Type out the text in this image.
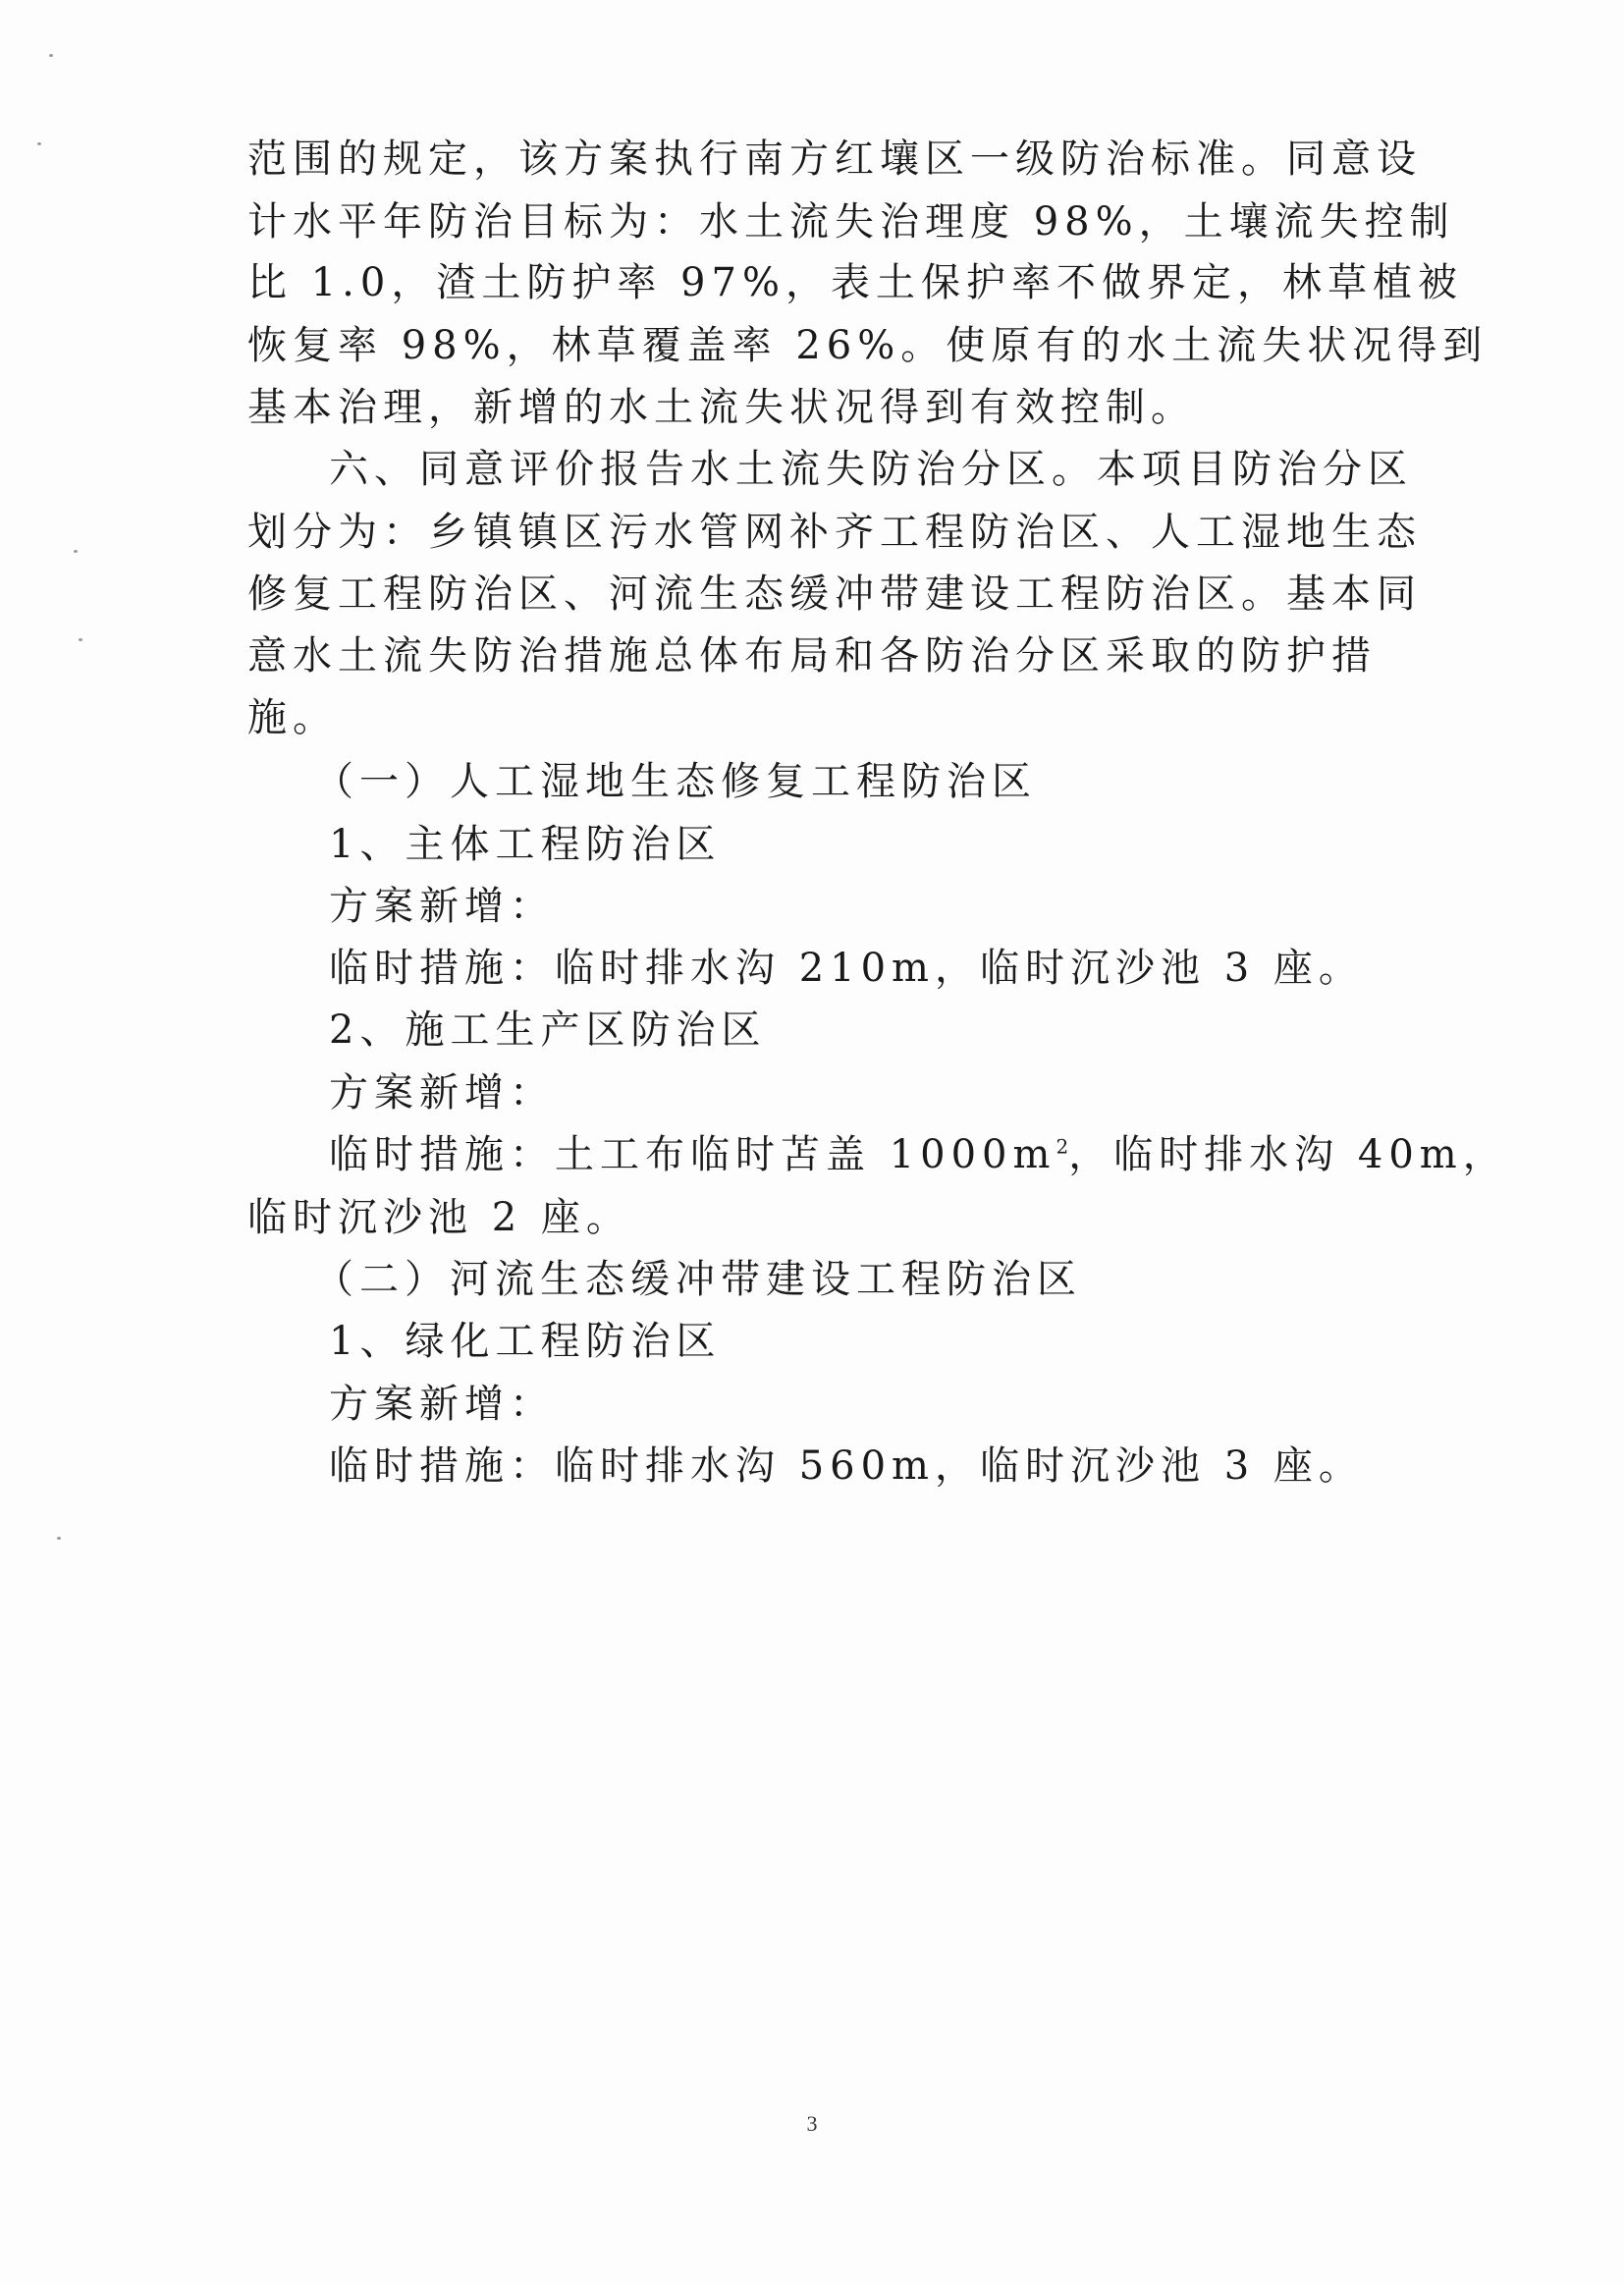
范围的规定，该方案执行南方红壤区一级防治标准。同意设
计水平年防治目标为：水土流失治理度 98%，土壤流失控制
比 1.0，渣土防护率 97%，表土保护率不做界定，林草植被
恢复率 98%，林草覆盖率 26%。使原有的水土流失状况得到
基本治理，新增的水土流失状况得到有效控制。
六、同意评价报告水土流失防治分区。本项目防治分区
划分为：乡镇镇区污水管网补齐工程防治区、人工湿地生态
修复工程防治区、河流生态缓冲带建设工程防治区。基本同
意水土流失防治措施总体布局和各防治分区采取的防护措
施。
（一）人工湿地生态修复工程防治区
1、主体工程防治区
方案新增：
临时措施：临时排水沟 210m，临时沉沙池 3 座。
2、施工生产区防治区
方案新增：
临时措施：土工布临时苫盖 $1000m^2$，临时排水沟 40m，
临时沉沙池 2 座。
（二）河流生态缓冲带建设工程防治区
1、绿化工程防治区
方案新增：
临时措施：临时排水沟 560m，临时沉沙池 3 座。
3
